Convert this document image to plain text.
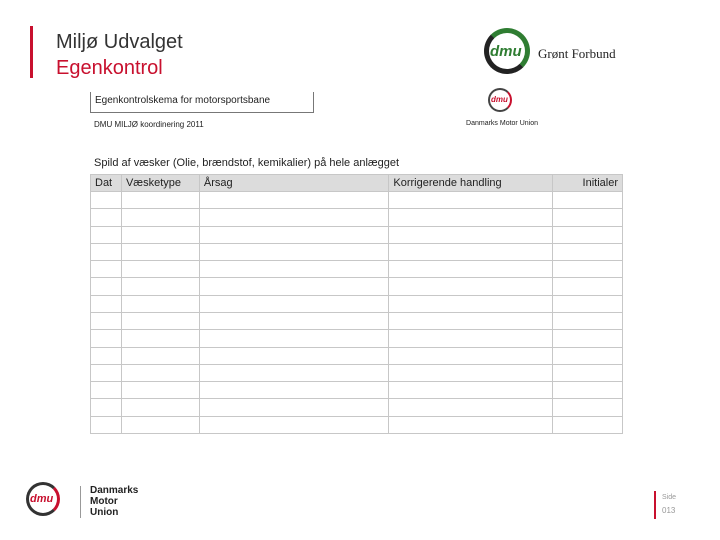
Miljø Udvalget
Egenkontrol
dmu Grønt Forbund
Egenkontrolskema for motorsportsbane
DMU MILJØ koordinering 2011
dmu
Danmarks Motor Union
Spild af væsker (Olie, brændstof, kemikalier) på hele anlægget
Dat	Væsketype	Årsag	Korrigerende handling	Initialer

dmu
Danmarks
Motor
Union
Side
013
